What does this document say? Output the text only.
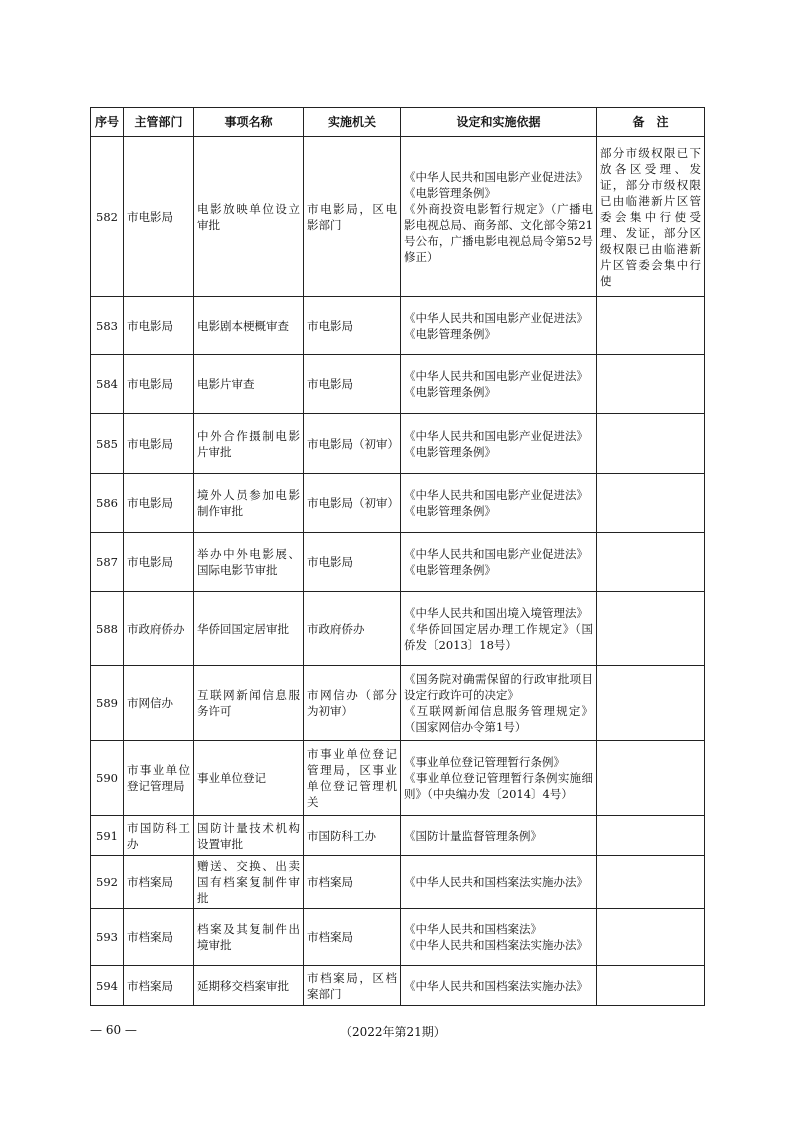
序号	主管部门	事项名称	实施机关	设定和实施依据	备　注
582	市电影局	电影放映单位设立审批	市电影局，区电影部门	《中华人民共和国电影产业促进法》
《电影管理条例》
《外商投资电影暂行规定》（广播电影电视总局、商务部、文化部令第21号公布，广播电影电视总局令第52号修正）	部分市级权限已下放各区受理、发证，部分市级权限已由临港新片区管委会集中行使受理、发证，部分区级权限已由临港新片区管委会集中行使
583	市电影局	电影剧本梗概审查	市电影局	《中华人民共和国电影产业促进法》
《电影管理条例》	

584	市电影局	电影片审查	市电影局	《中华人民共和国电影产业促进法》
《电影管理条例》	

585	市电影局	中外合作摄制电影片审批	市电影局（初审）	《中华人民共和国电影产业促进法》
《电影管理条例》	

586	市电影局	境外人员参加电影制作审批	市电影局（初审）	《中华人民共和国电影产业促进法》
《电影管理条例》	

587	市电影局	举办中外电影展、国际电影节审批	市电影局	《中华人民共和国电影产业促进法》
《电影管理条例》	

588	市政府侨办	华侨回国定居审批	市政府侨办	《中华人民共和国出境入境管理法》
《华侨回国定居办理工作规定》（国侨发〔2013〕18号）	

589	市网信办	互联网新闻信息服务许可	市网信办（部分为初审）	《国务院对确需保留的行政审批项目设定行政许可的决定》
《互联网新闻信息服务管理规定》（国家网信办令第1号）	

590	市事业单位登记管理局	事业单位登记	市事业单位登记管理局，区事业单位登记管理机关	《事业单位登记管理暂行条例》
《事业单位登记管理暂行条例实施细则》（中央编办发〔2014〕4号）	

591	市国防科工办	国防计量技术机构设置审批	市国防科工办	《国防计量监督管理条例》	

592	市档案局	赠送、交换、出卖国有档案复制件审批	市档案局	《中华人民共和国档案法实施办法》	

593	市档案局	档案及其复制件出境审批	市档案局	《中华人民共和国档案法》
《中华人民共和国档案法实施办法》	

594	市档案局	延期移交档案审批	市档案局，区档案部门	《中华人民共和国档案法实施办法》	

— 60 —	（2022年第21期）
